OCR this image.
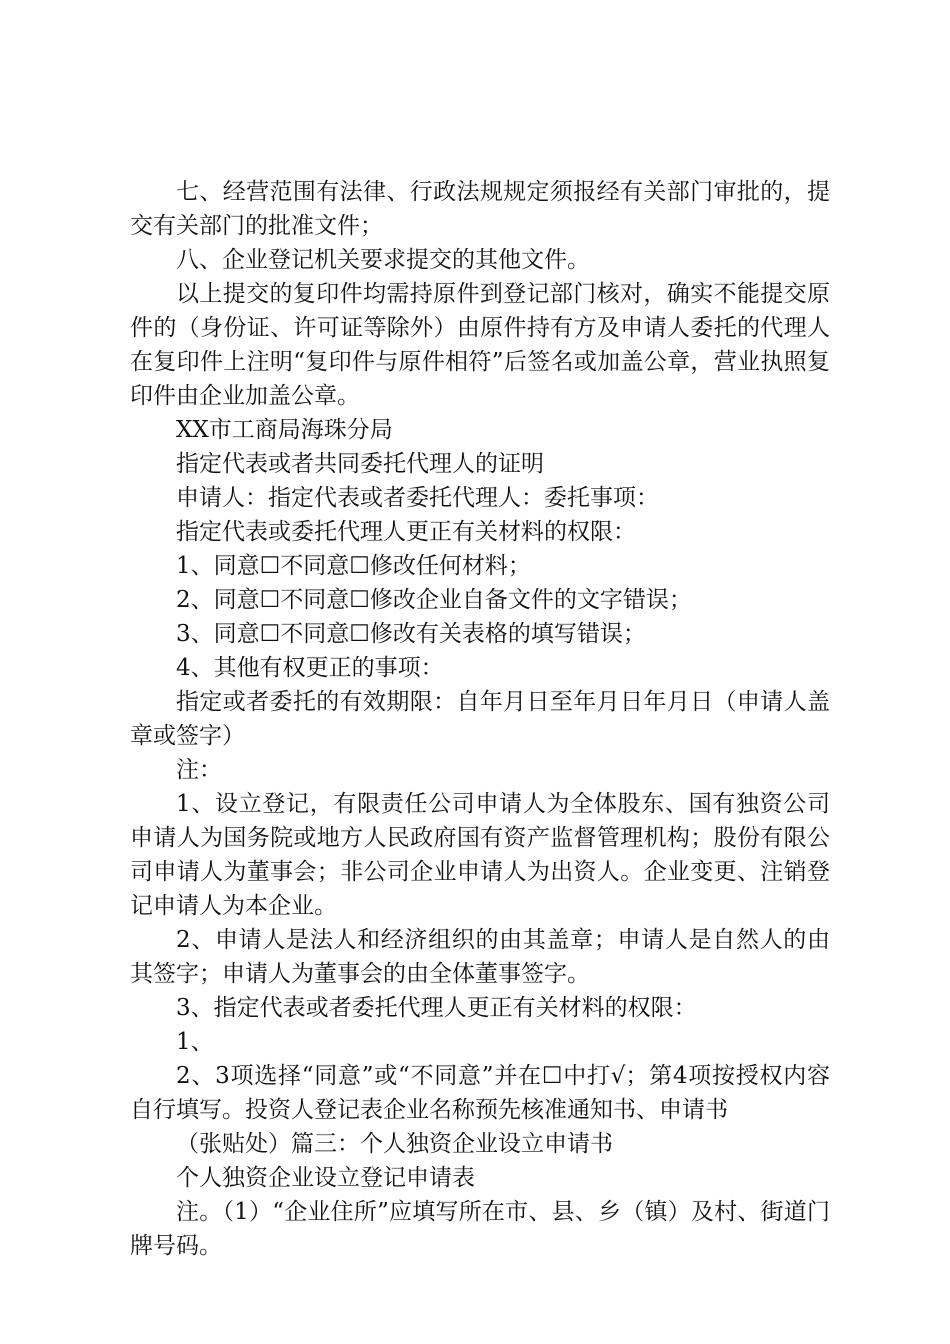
七、经营范围有法律、行政法规规定须报经有关部门审批的，提交有关部门的批准文件；

八、企业登记机关要求提交的其他文件。

以上提交的复印件均需持原件到登记部门核对，确实不能提交原件的（身份证、许可证等除外）由原件持有方及申请人委托的代理人在复印件上注明“复印件与原件相符”后签名或加盖公章，营业执照复印件由企业加盖公章。

XX市工商局海珠分局

指定代表或者共同委托代理人的证明

申请人：指定代表或者委托代理人：委托事项：

指定代表或委托代理人更正有关材料的权限：

1、同意☐不同意☐修改任何材料；

2、同意☐不同意☐修改企业自备文件的文字错误；

3、同意☐不同意☐修改有关表格的填写错误；

4、其他有权更正的事项：

指定或者委托的有效期限：自年月日至年月日年月日（申请人盖章或签字）

注：

1、设立登记，有限责任公司申请人为全体股东、国有独资公司申请人为国务院或地方人民政府国有资产监督管理机构；股份有限公司申请人为董事会；非公司企业申请人为出资人。企业变更、注销登记申请人为本企业。

2、申请人是法人和经济组织的由其盖章；申请人是自然人的由其签字；申请人为董事会的由全体董事签字。

3、指定代表或者委托代理人更正有关材料的权限：

1、

2、3项选择“同意”或“不同意”并在☐中打√；第4项按授权内容自行填写。投资人登记表企业名称预先核准通知书、申请书

（张贴处）篇三：个人独资企业设立申请书

个人独资企业设立登记申请表

注。（1）“企业住所”应填写所在市、县、乡（镇）及村、街道门牌号码。
